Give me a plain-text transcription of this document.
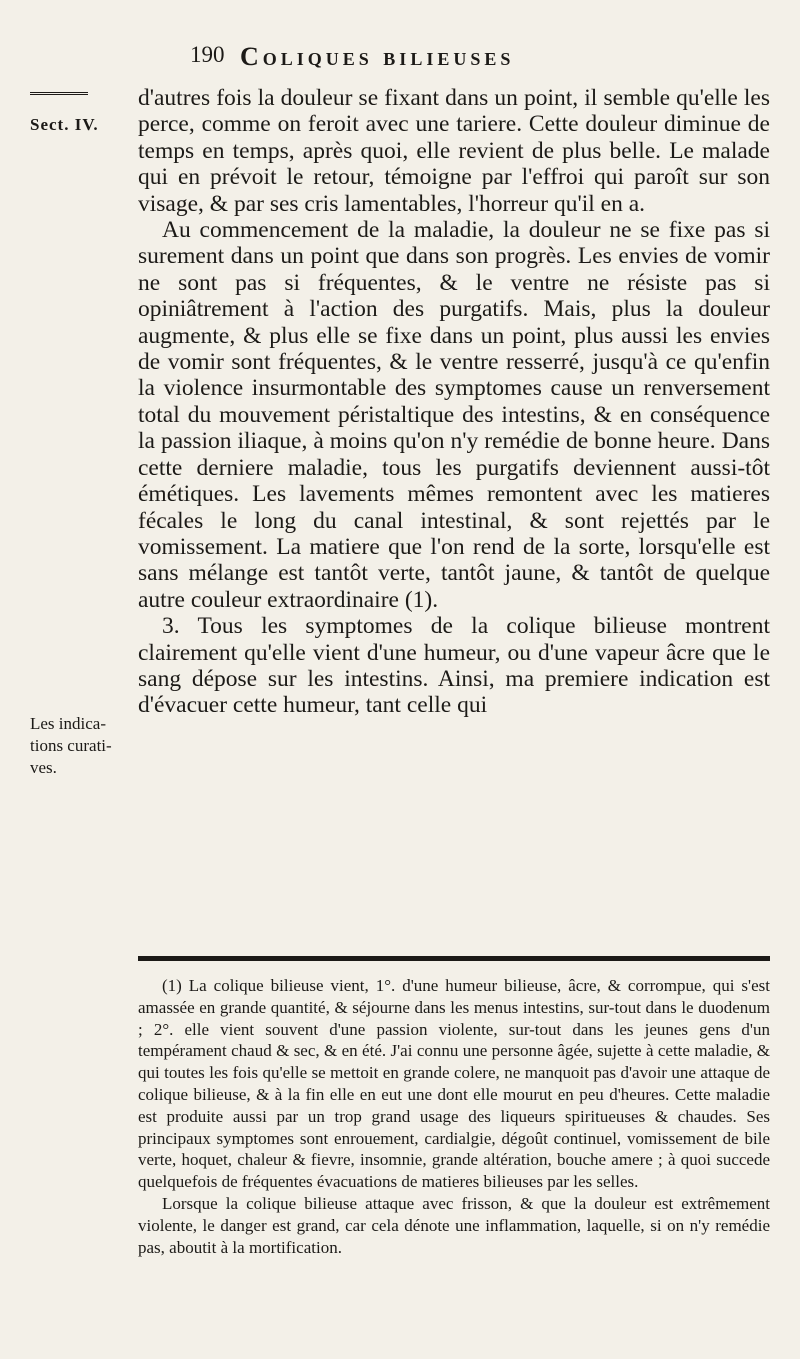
190 Coliques bilieuses
Sect. IV.
Les indica-
tions curati-
ves.

d'autres fois la douleur se fixant dans un point, il semble qu'elle les perce, comme on feroit avec une tariere. Cette douleur diminue de temps en temps, après quoi, elle revient de plus belle. Le malade qui en prévoit le retour, témoigne par l'effroi qui paroît sur son visage, & par ses cris lamentables, l'horreur qu'il en a.

Au commencement de la maladie, la douleur ne se fixe pas si surement dans un point que dans son progrès. Les envies de vomir ne sont pas si fréquentes, & le ventre ne résiste pas si opiniâtrement à l'action des purgatifs. Mais, plus la douleur augmente, & plus elle se fixe dans un point, plus aussi les envies de vomir sont fréquentes, & le ventre resserré, jusqu'à ce qu'enfin la violence insurmontable des symptomes cause un renversement total du mouvement péristaltique des intestins, & en conséquence la passion iliaque, à moins qu'on n'y remédie de bonne heure. Dans cette derniere maladie, tous les purgatifs deviennent aussi-tôt émétiques. Les lavements mêmes remontent avec les matieres fécales le long du canal intestinal, & sont rejettés par le vomissement. La matiere que l'on rend de la sorte, lorsqu'elle est sans mélange est tantôt verte, tantôt jaune, & tantôt de quelque autre couleur extraordinaire (1).

3. Tous les symptomes de la colique bilieuse montrent clairement qu'elle vient d'une humeur, ou d'une vapeur âcre que le sang dépose sur les intestins. Ainsi, ma premiere indication est d'évacuer cette humeur, tant celle qui

(1) La colique bilieuse vient, 1°. d'une humeur bilieuse, âcre, & corrompue, qui s'est amassée en grande quantité, & séjourne dans les menus intestins, sur-tout dans le duodenum ; 2°. elle vient souvent d'une passion violente, sur-tout dans les jeunes gens d'un tempérament chaud & sec, & en été. J'ai connu une personne âgée, sujette à cette maladie, & qui toutes les fois qu'elle se mettoit en grande colere, ne manquoit pas d'avoir une attaque de colique bilieuse, & à la fin elle en eut une dont elle mourut en peu d'heures. Cette maladie est produite aussi par un trop grand usage des liqueurs spiritueuses & chaudes. Ses principaux symptomes sont enrouement, cardialgie, dégoût continuel, vomissement de bile verte, hoquet, chaleur & fievre, insomnie, grande altération, bouche amere ; à quoi succede quelquefois de fréquentes évacuations de matieres bilieuses par les selles.

Lorsque la colique bilieuse attaque avec frisson, & que la douleur est extrêmement violente, le danger est grand, car cela dénote une inflammation, laquelle, si on n'y remédie pas, aboutit à la mortification.
